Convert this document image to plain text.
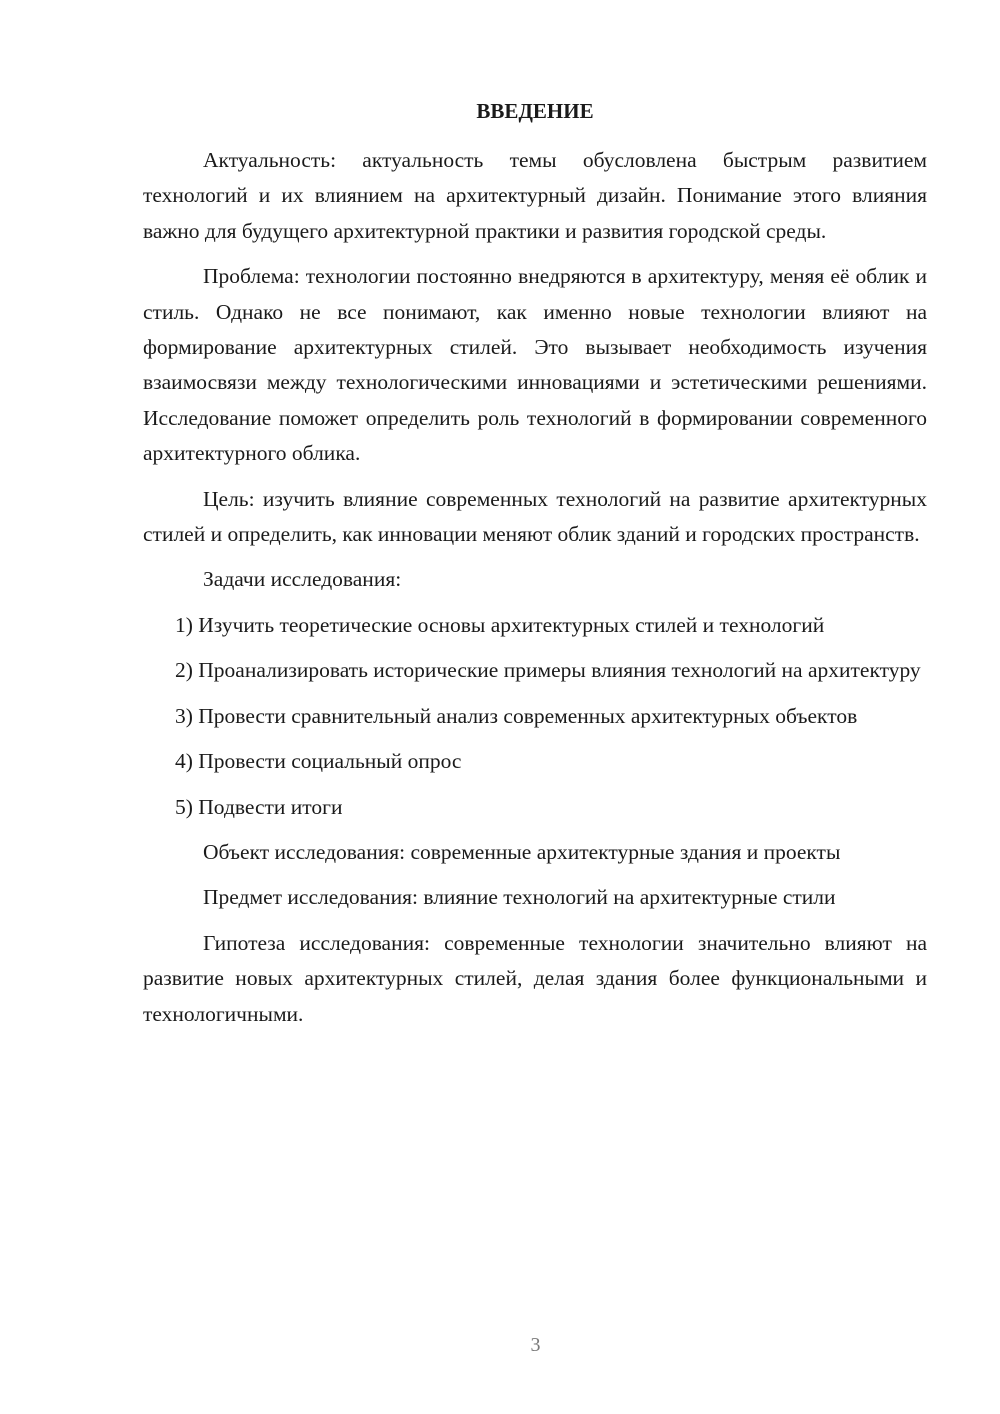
ВВЕДЕНИЕ

Актуальность: актуальность темы обусловлена быстрым развитием технологий и их влиянием на архитектурный дизайн. Понимание этого влияния важно для будущего архитектурной практики и развития городской среды.

Проблема: технологии постоянно внедряются в архитектуру, меняя её облик и стиль. Однако не все понимают, как именно новые технологии влияют на формирование архитектурных стилей. Это вызывает необходимость изучения взаимосвязи между технологическими инновациями и эстетическими решениями. Исследование поможет определить роль технологий в формировании современного архитектурного облика.

Цель: изучить влияние современных технологий на развитие архитектурных стилей и определить, как инновации меняют облик зданий и городских пространств.

Задачи исследования:

1) Изучить теоретические основы архитектурных стилей и технологий

2) Проанализировать исторические примеры влияния технологий на архитектуру

3) Провести сравнительный анализ современных архитектурных объектов

4) Провести социальный опрос

5) Подвести итоги

Объект исследования: современные архитектурные здания и проекты

Предмет исследования: влияние технологий на архитектурные стили

Гипотеза исследования: современные технологии значительно влияют на развитие новых архитектурных стилей, делая здания более функциональными и технологичными.

3
